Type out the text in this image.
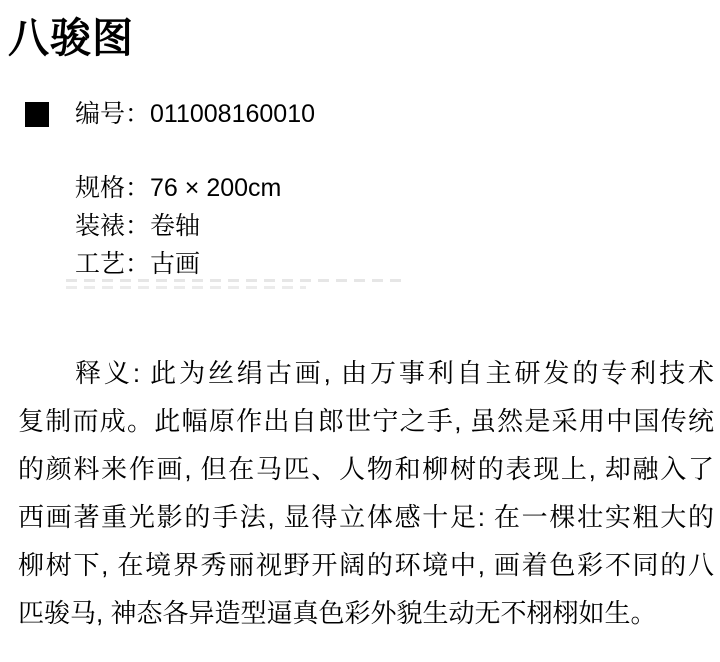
八骏图
编号： 011008160010
规格：76 × 200cm
装裱：卷轴
工艺：古画
释义: 此为丝绢古画, 由万事利自主研发的专利技术
复制而成。此幅原作出自郎世宁之手, 虽然是采用中国传统
的颜料来作画, 但在马匹、人物和柳树的表现上, 却融入了
西画著重光影的手法, 显得立体感十足: 在一棵壮实粗大的
柳树下, 在境界秀丽视野开阔的环境中, 画着色彩不同的八
匹骏马, 神态各异造型逼真色彩外貌生动无不栩栩如生。
